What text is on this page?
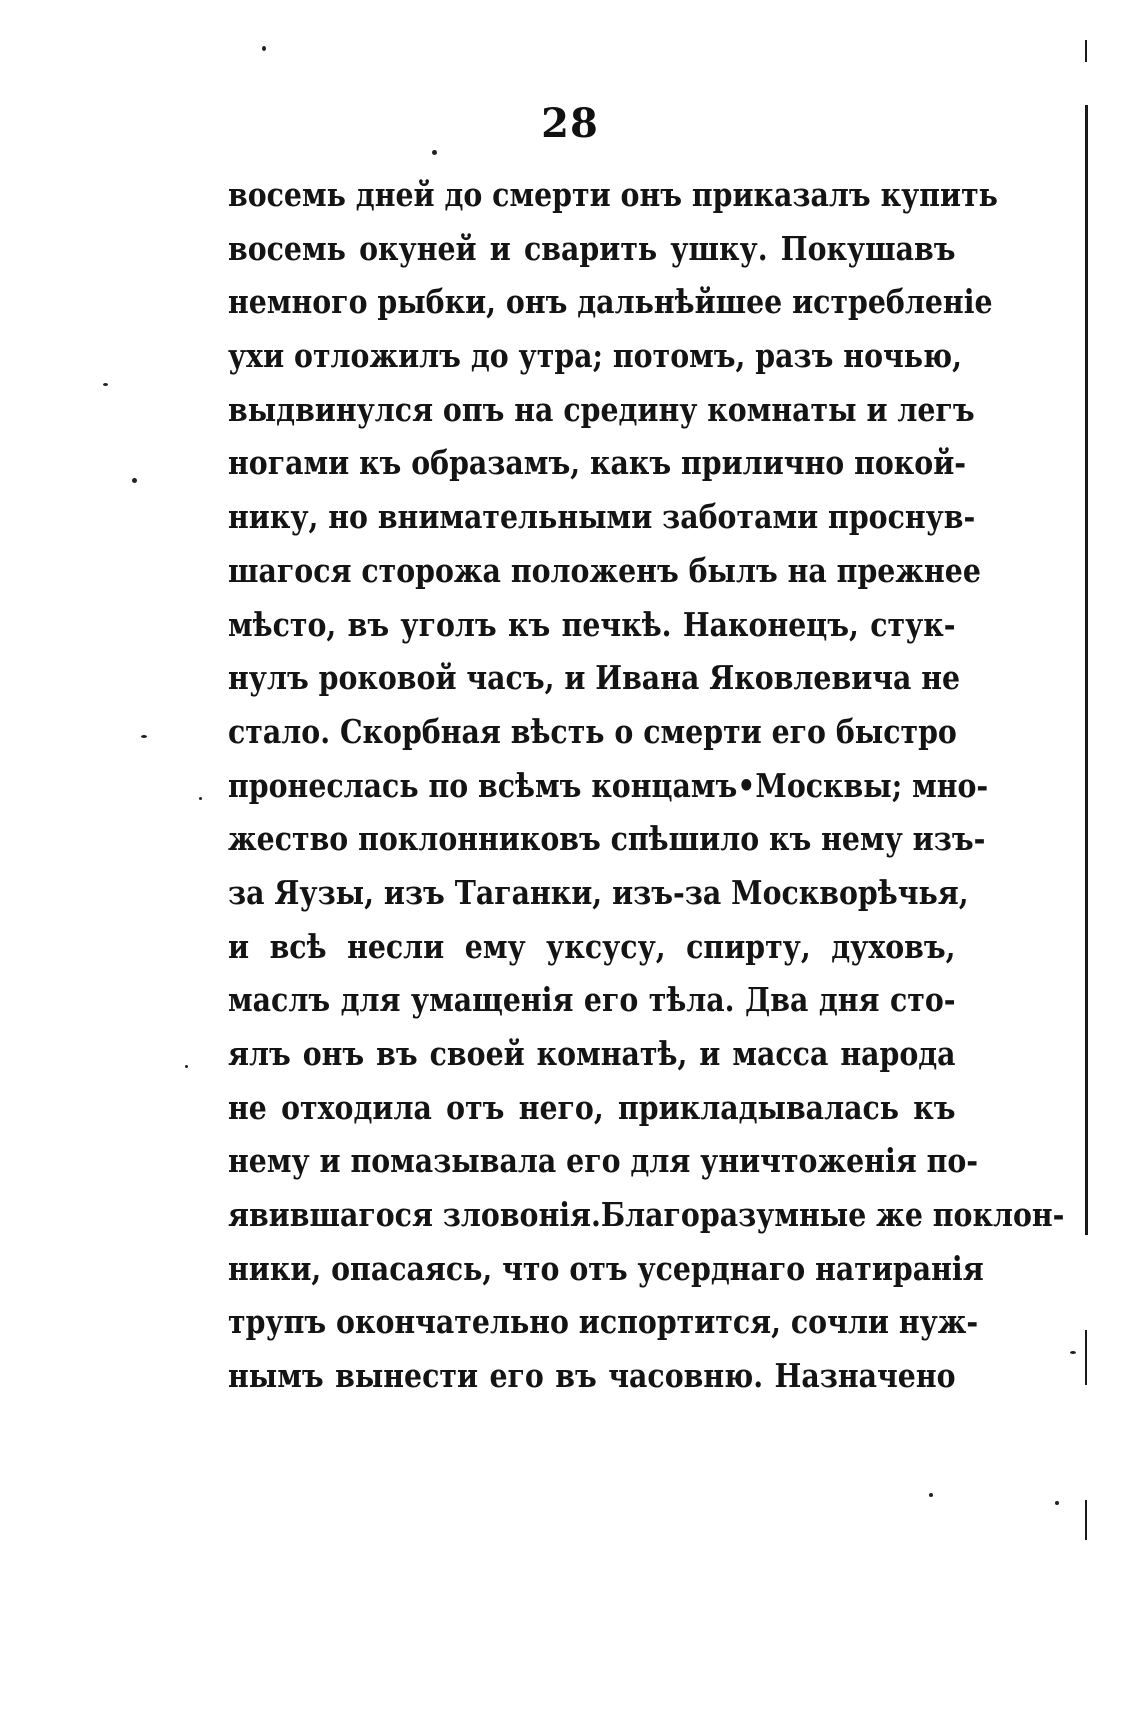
28
восемь дней до смерти онъ приказалъ купить
восемь окуней и сварить ушку. Покушавъ
немного рыбки, онъ дальнѣйшее истребленіе
ухи отложилъ до утра; потомъ, разъ ночью,
выдвинулся опъ на средину комнаты и легъ
ногами къ образамъ, какъ прилично покой-
нику, но внимательными заботами проснув-
шагося сторожа положенъ былъ на прежнее
мѣсто, въ уголъ къ печкѣ. Наконецъ, стук-
нулъ роковой часъ, и Ивана Яковлевича не
стало. Скорбная вѣсть о смерти его быстро
пронеслась по всѣмъ концамъ•Москвы; мно-
жество поклонниковъ спѣшило къ нему изъ-
за Яузы, изъ Таганки, изъ-за Москворѣчья,
и всѣ несли ему уксусу, спирту, духовъ,
маслъ для умащенія его тѣла. Два дня сто-
ялъ онъ въ своей комнатѣ, и масса народа
не отходила отъ него, прикладывалась къ
нему и помазывала его для уничтоженія по-
явившагося зловонія.Благоразумные же поклон-
ники, опасаясь, что отъ усерднаго натиранія
трупъ окончательно испортится, сочли нуж-
нымъ вынести его въ часовню. Назначено
